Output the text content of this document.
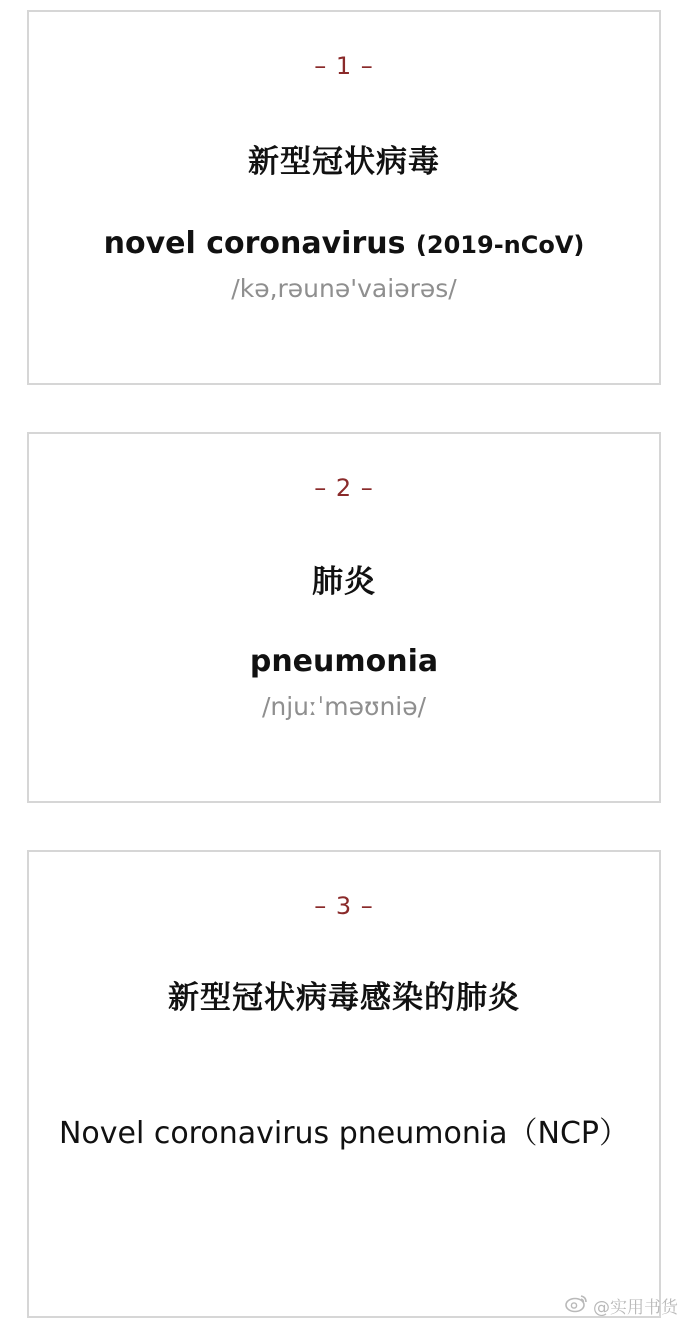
– 1 –
新型冠状病毒
novel coronavirus (2019-nCoV)
/kə,rəunə'vaiərəs/
– 2 –
肺炎
pneumonia
/njuːˈməʊniə/
– 3 –
新型冠状病毒感染的肺炎
Novel coronavirus pneumonia（NCP）
@实用书货
